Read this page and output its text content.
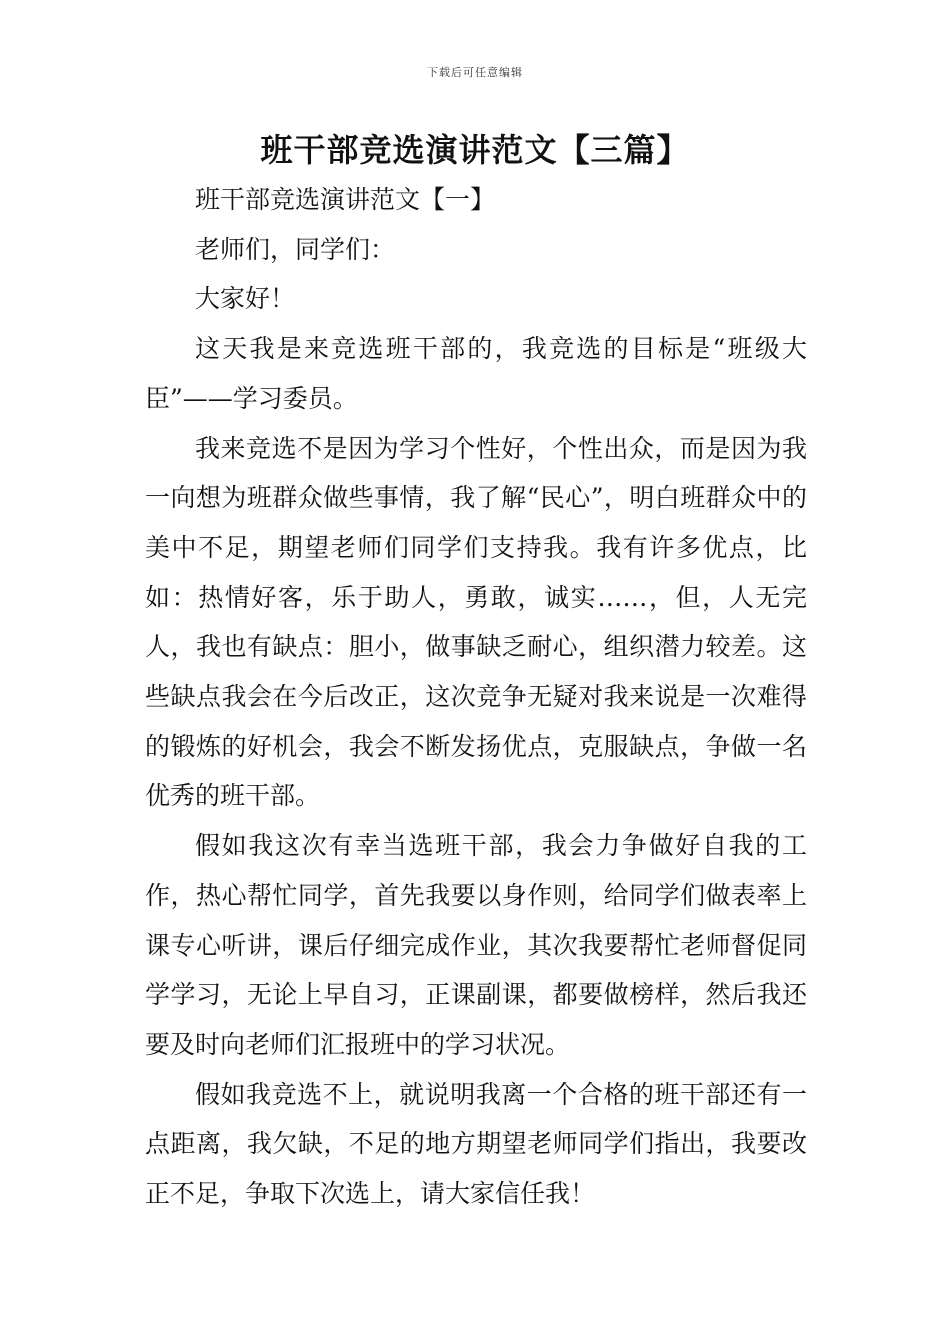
下载后可任意编辑
班干部竞选演讲范文【三篇】

班干部竞选演讲范文【一】

老师们，同学们：

大家好！

这天我是来竞选班干部的，我竞选的目标是“班级大臣”——学习委员。

我来竞选不是因为学习个性好，个性出众，而是因为我一向想为班群众做些事情，我了解“民心”，明白班群众中的美中不足，期望老师们同学们支持我。我有许多优点，比如：热情好客，乐于助人，勇敢，诚实……，但，人无完人，我也有缺点：胆小，做事缺乏耐心，组织潜力较差。这些缺点我会在今后改正，这次竞争无疑对我来说是一次难得的锻炼的好机会，我会不断发扬优点，克服缺点，争做一名优秀的班干部。

假如我这次有幸当选班干部，我会力争做好自我的工作，热心帮忙同学，首先我要以身作则，给同学们做表率上课专心听讲，课后仔细完成作业，其次我要帮忙老师督促同学学习，无论上早自习，正课副课，都要做榜样，然后我还要及时向老师们汇报班中的学习状况。

假如我竞选不上，就说明我离一个合格的班干部还有一点距离，我欠缺，不足的地方期望老师同学们指出，我要改正不足，争取下次选上，请大家信任我！
